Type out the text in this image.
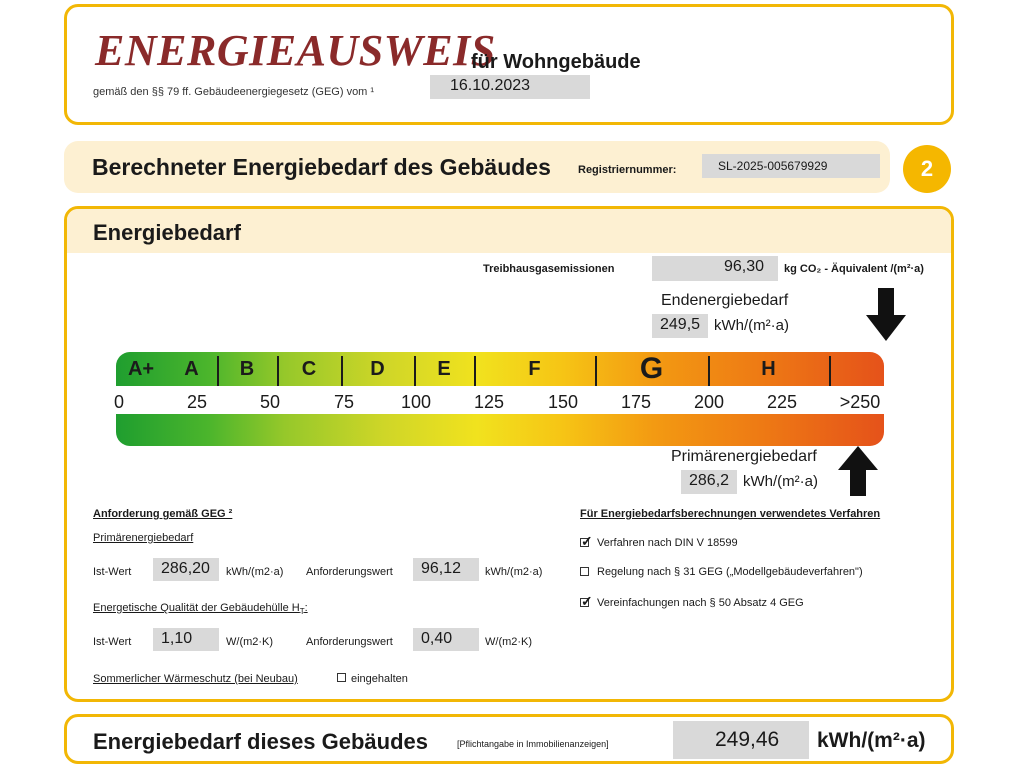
ENERGIEAUSWEIS
für Wohngebäude
gemäß den §§ 79 ff. Gebäudeenergiegesetz (GEG) vom ¹	16.10.2023
Berechneter Energiebedarf des Gebäudes Registriernummer:	SL-2025-005679929	2
Energiebedarf
Treibhausgasemissionen	96,30	kg CO₂ - Äquivalent /(m²·a)
Endenergiebedarf
249,5 kWh/(m²·a)
A+	A	B	C	D	E	F	G	H
Primärenergiebedarf
286,2 kWh/(m²·a)
Anforderung gemäß GEG ²
Primärenergiebedarf
Ist-Wert	286,20	kWh/(m2·a) Anforderungswert	96,12	kWh/(m2·a)
Energetische Qualität der Gebäudehülle $H_T$:
Ist-Wert	1,10	W/(m2·K)	Anforderungswert	0,40	W/(m2·K)
Sommerlicher Wärmeschutz (bei Neubau)	eingehalten
Für Energiebedarfsberechnungen verwendetes Verfahren
✓ Verfahren nach DIN V 18599
Regelung nach § 31 GEG („Modellgebäudeverfahren")
✓ Vereinfachungen nach § 50 Absatz 4 GEG
Energiebedarf dieses Gebäudes	[Pflichtangabe in Immobilienanzeigen]	249,46	kWh/(m²·a)
0	25	50	75	100 125 150 175 200 225 >250
